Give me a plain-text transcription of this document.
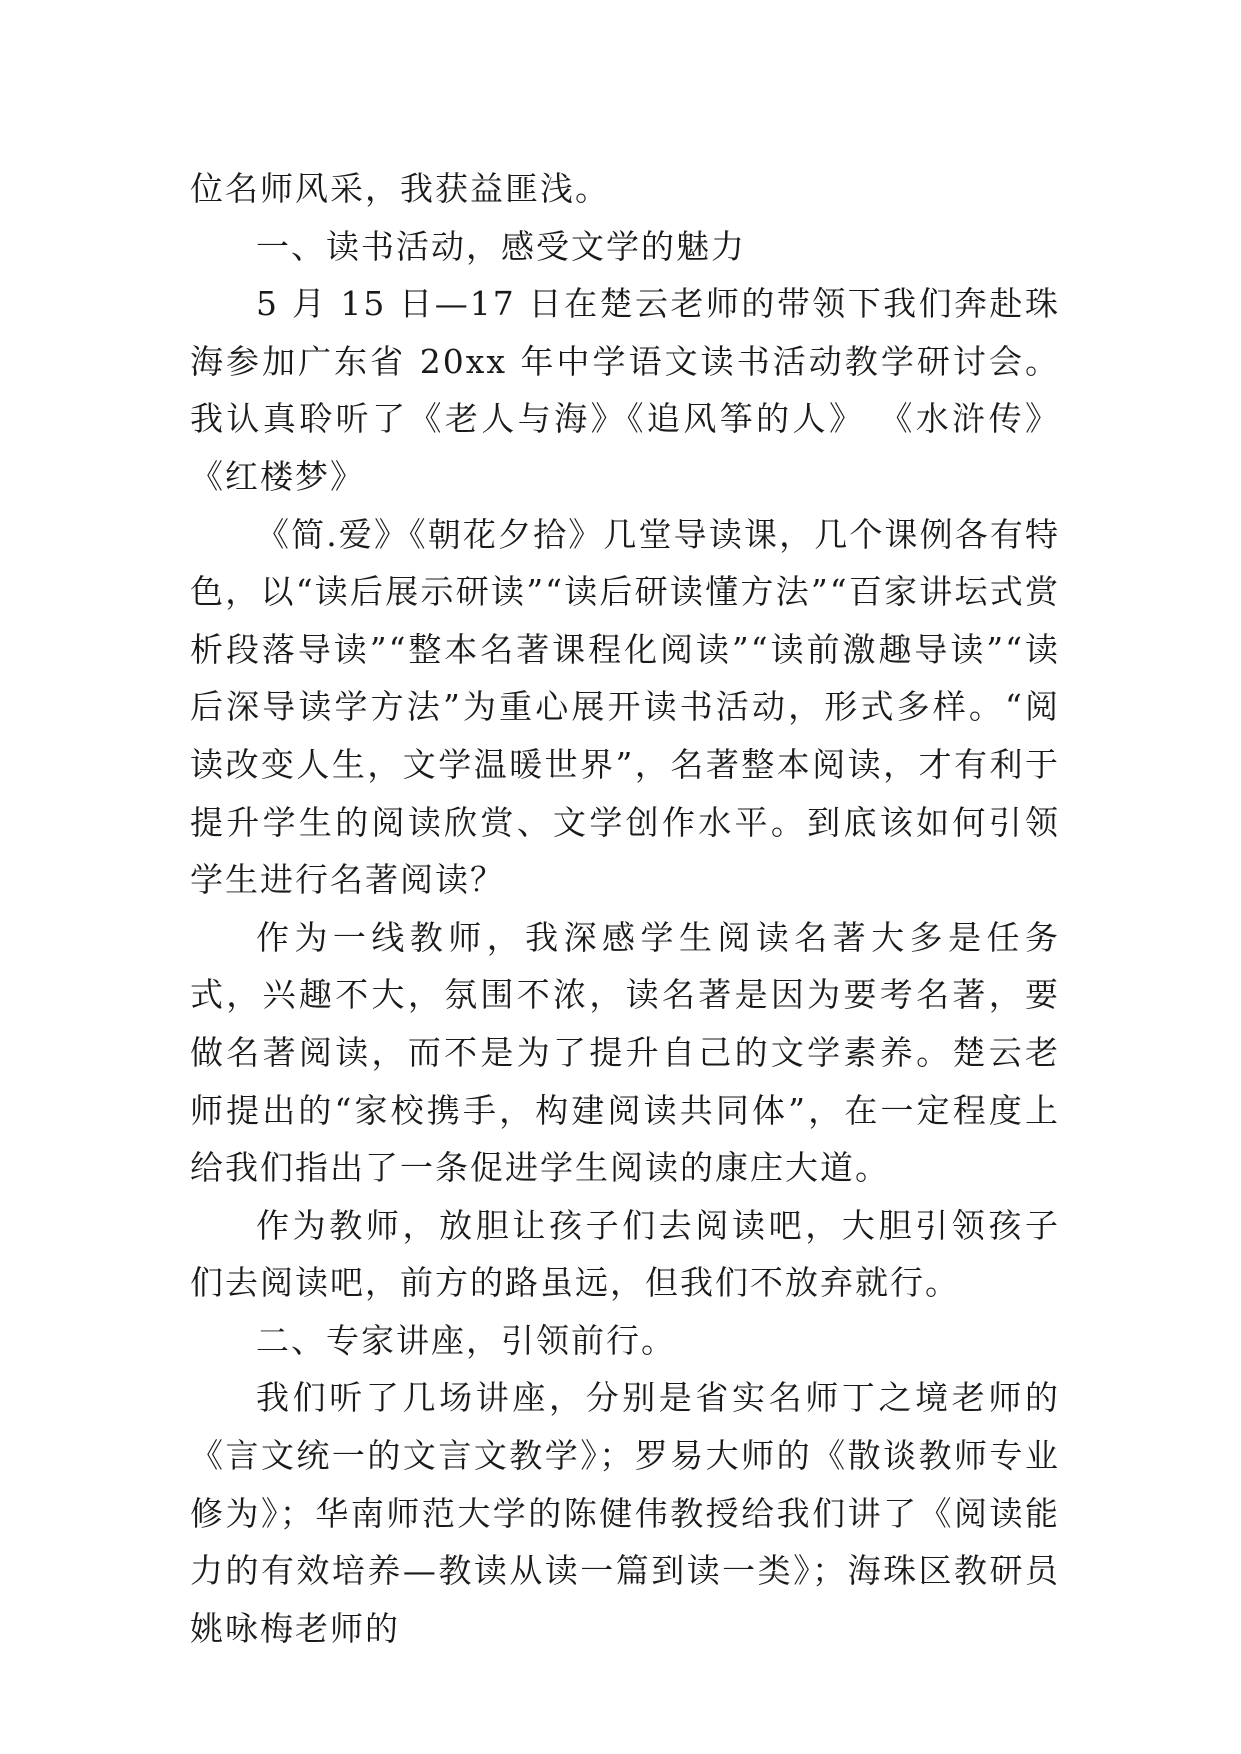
位名师风采，我获益匪浅。

一、读书活动，感受文学的魅力

5 月 15 日—17 日在楚云老师的带领下我们奔赴珠海参加广东省 20xx 年中学语文读书活动教学研讨会。我认真聆听了《老人与海》《追风筝的人》 《水浒传》《红楼梦》

《简.爱》《朝花夕拾》几堂导读课，几个课例各有特色，以“读后展示研读”“读后研读懂方法”“百家讲坛式赏析段落导读”“整本名著课程化阅读”“读前激趣导读”“读后深导读学方法”为重心展开读书活动，形式多样。“阅读改变人生，文学温暖世界”，名著整本阅读，才有利于提升学生的阅读欣赏、文学创作水平。到底该如何引领学生进行名著阅读？

作为一线教师，我深感学生阅读名著大多是任务式，兴趣不大，氛围不浓，读名著是因为要考名著，要做名著阅读，而不是为了提升自己的文学素养。楚云老师提出的“家校携手，构建阅读共同体”，在一定程度上给我们指出了一条促进学生阅读的康庄大道。

作为教师，放胆让孩子们去阅读吧，大胆引领孩子们去阅读吧，前方的路虽远，但我们不放弃就行。

二、专家讲座，引领前行。

我们听了几场讲座，分别是省实名师丁之境老师的《言文统一的文言文教学》；罗易大师的《散谈教师专业修为》；华南师范大学的陈健伟教授给我们讲了《阅读能力的有效培养—教读从读一篇到读一类》；海珠区教研员姚咏梅老师的
